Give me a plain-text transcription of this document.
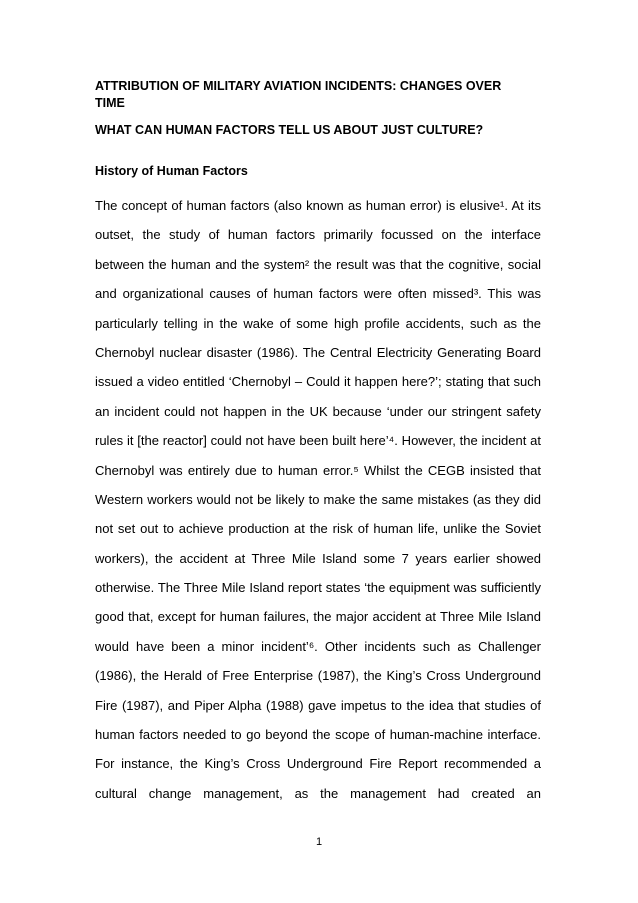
ATTRIBUTION OF MILITARY AVIATION INCIDENTS: CHANGES OVER
TIME

WHAT CAN HUMAN FACTORS TELL US ABOUT JUST CULTURE?

History of Human Factors

The concept of human factors (also known as human error) is elusive¹. At its
outset, the study of human factors primarily focussed on the interface
between the human and the system² the result was that the cognitive, social
and organizational causes of human factors were often missed³. This was
particularly telling in the wake of some high profile accidents, such as the
Chernobyl nuclear disaster (1986). The Central Electricity Generating Board
issued a video entitled ‘Chernobyl – Could it happen here?’; stating that such
an incident could not happen in the UK because ‘under our stringent safety
rules it [the reactor] could not have been built here’⁴. However, the incident at
Chernobyl was entirely due to human error.⁵ Whilst the CEGB insisted that
Western workers would not be likely to make the same mistakes (as they did
not set out to achieve production at the risk of human life, unlike the Soviet
workers), the accident at Three Mile Island some 7 years earlier showed
otherwise. The Three Mile Island report states ‘the equipment was sufficiently
good that, except for human failures, the major accident at Three Mile Island
would have been a minor incident’⁶. Other incidents such as Challenger
(1986), the Herald of Free Enterprise (1987), the King’s Cross Underground
Fire (1987), and Piper Alpha (1988) gave impetus to the idea that studies of
human factors needed to go beyond the scope of human-machine interface.
For instance, the King’s Cross Underground Fire Report recommended a
cultural change management, as the management had created an
1
